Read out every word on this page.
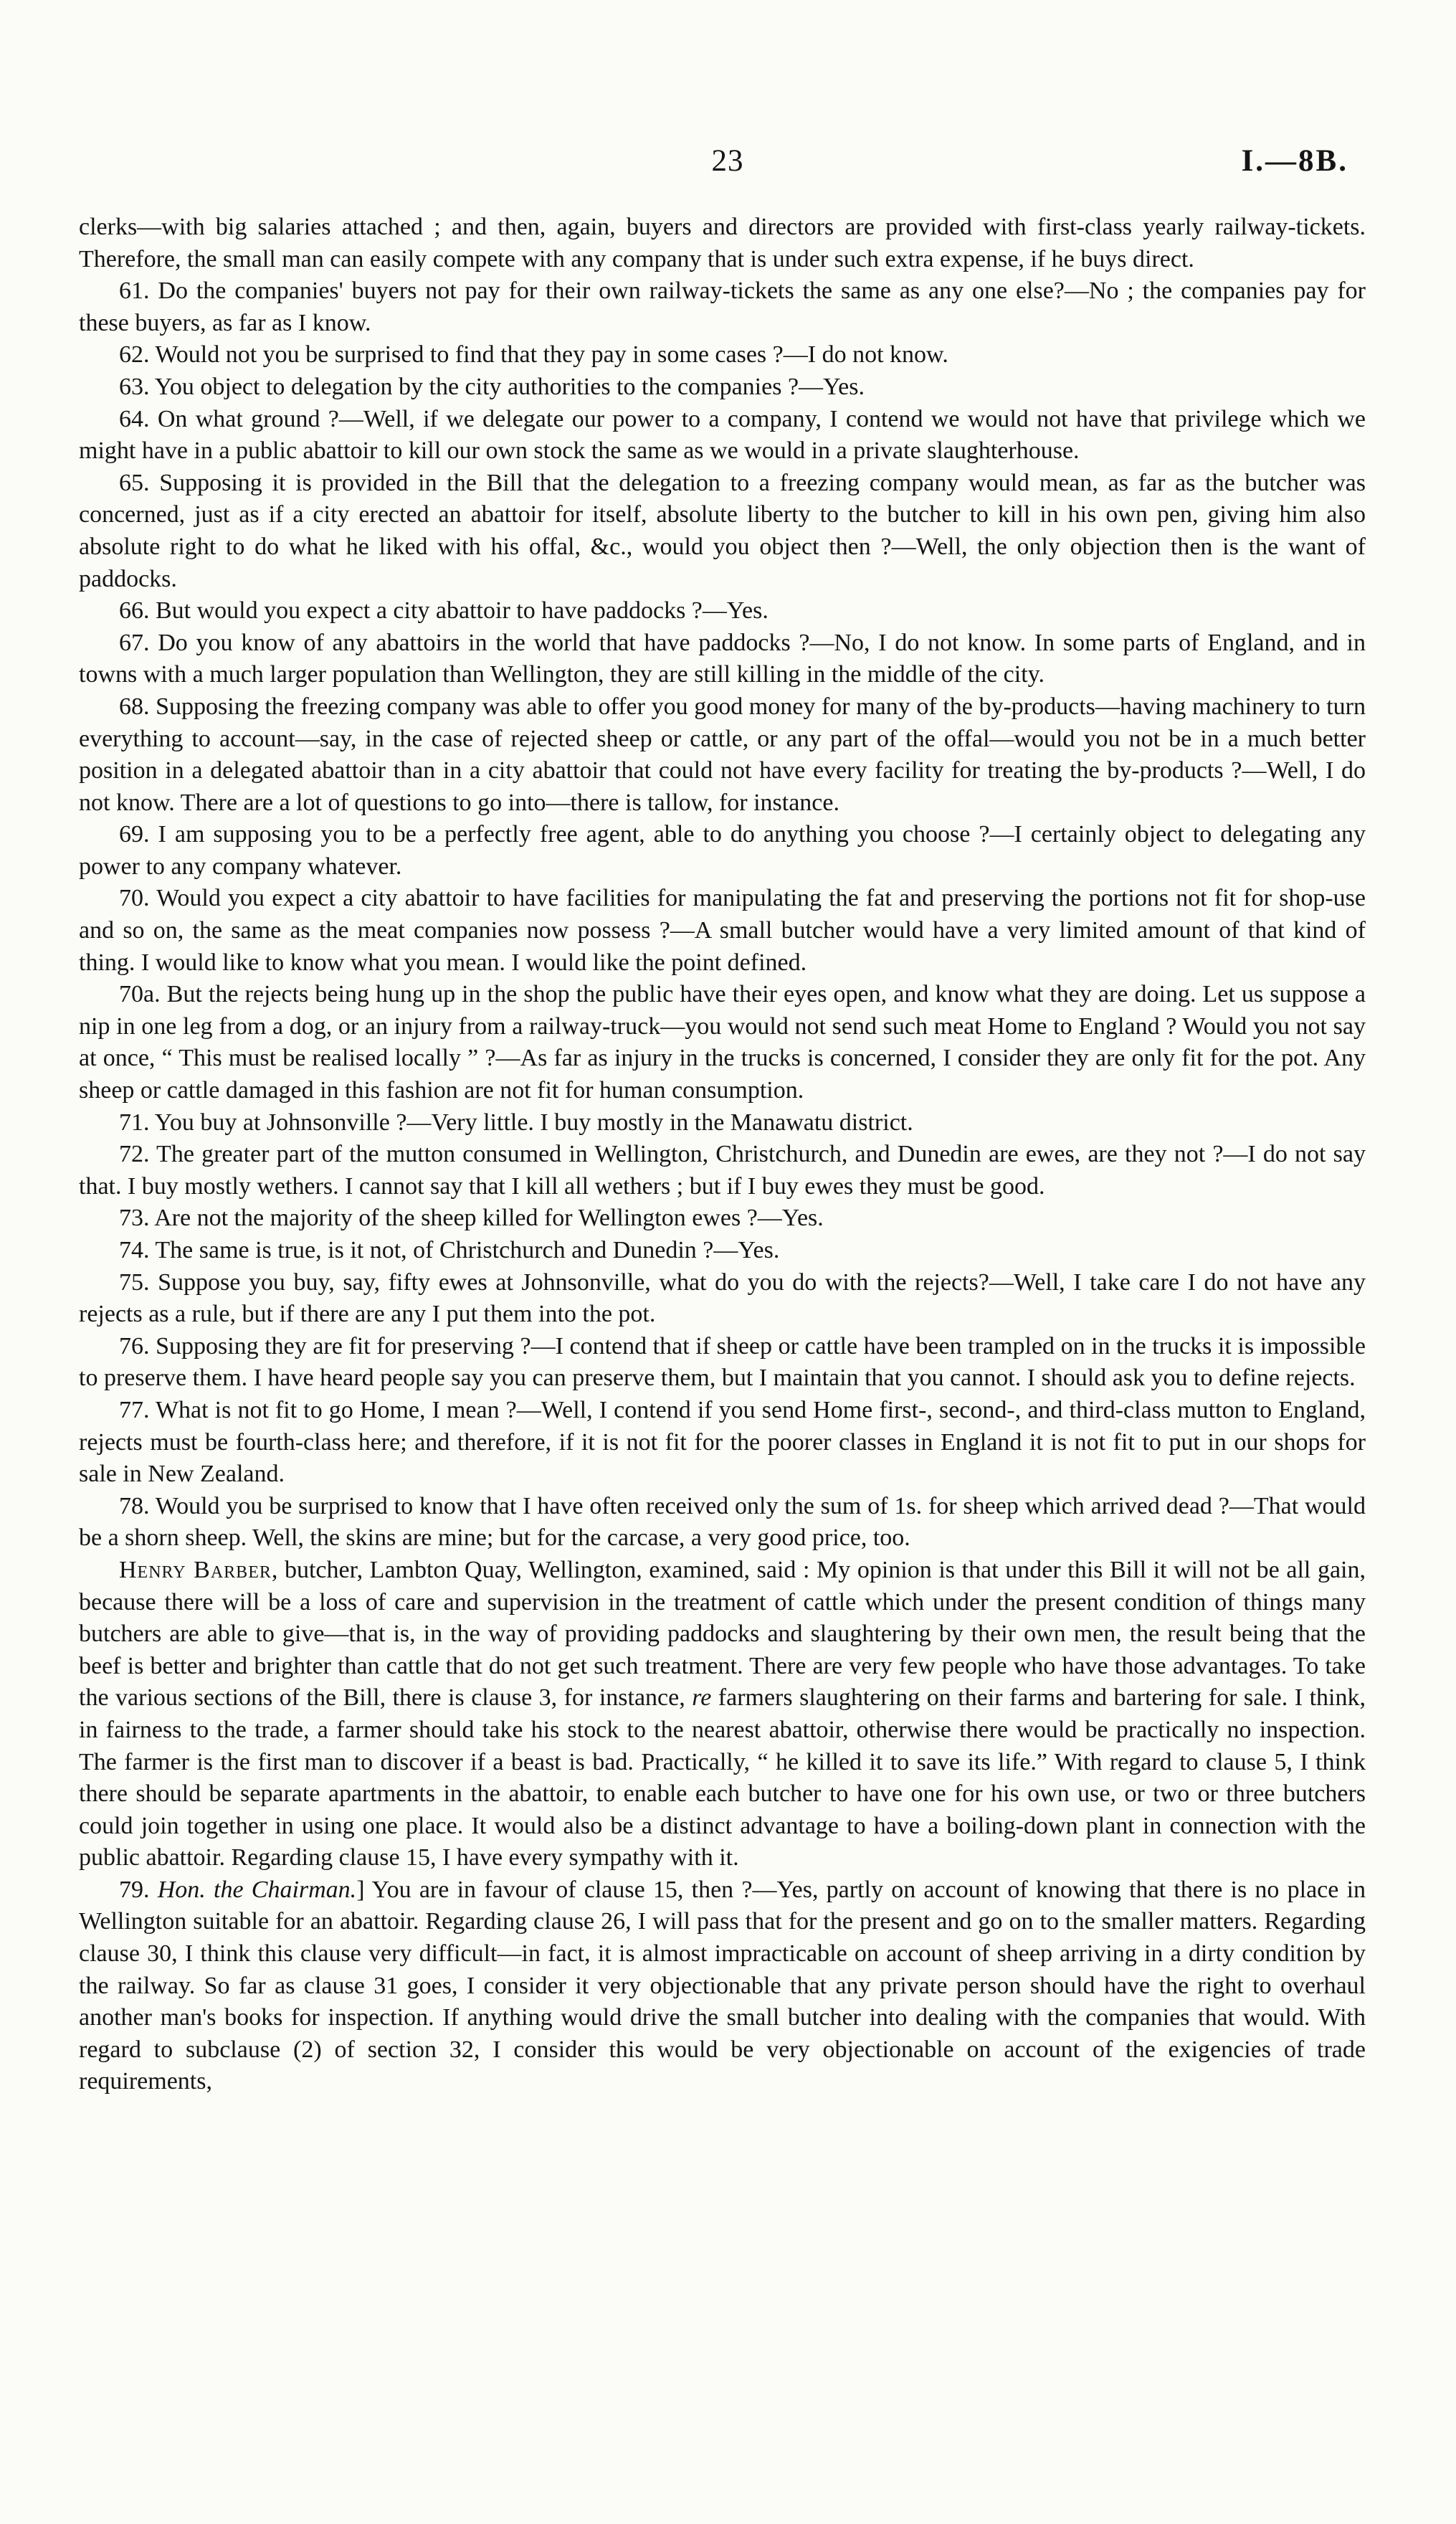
23	I.—8B.

clerks—with big salaries attached ; and then, again, buyers and directors are provided with first-class yearly railway-tickets. Therefore, the small man can easily compete with any company that is under such extra expense, if he buys direct.

61. Do the companies' buyers not pay for their own railway-tickets the same as any one else?—No ; the companies pay for these buyers, as far as I know.

62. Would not you be surprised to find that they pay in some cases ?—I do not know.

63. You object to delegation by the city authorities to the companies ?—Yes.

64. On what ground ?—Well, if we delegate our power to a company, I contend we would not have that privilege which we might have in a public abattoir to kill our own stock the same as we would in a private slaughterhouse.

65. Supposing it is provided in the Bill that the delegation to a freezing company would mean, as far as the butcher was concerned, just as if a city erected an abattoir for itself, absolute liberty to the butcher to kill in his own pen, giving him also absolute right to do what he liked with his offal, &c., would you object then ?—Well, the only objection then is the want of paddocks.

66. But would you expect a city abattoir to have paddocks ?—Yes.

67. Do you know of any abattoirs in the world that have paddocks ?—No, I do not know. In some parts of England, and in towns with a much larger population than Wellington, they are still killing in the middle of the city.

68. Supposing the freezing company was able to offer you good money for many of the by-products—having machinery to turn everything to account—say, in the case of rejected sheep or cattle, or any part of the offal—would you not be in a much better position in a delegated abattoir than in a city abattoir that could not have every facility for treating the by-products ?—Well, I do not know. There are a lot of questions to go into—there is tallow, for instance.

69. I am supposing you to be a perfectly free agent, able to do anything you choose ?—I certainly object to delegating any power to any company whatever.

70. Would you expect a city abattoir to have facilities for manipulating the fat and preserving the portions not fit for shop-use and so on, the same as the meat companies now possess ?—A small butcher would have a very limited amount of that kind of thing. I would like to know what you mean. I would like the point defined.

70a. But the rejects being hung up in the shop the public have their eyes open, and know what they are doing. Let us suppose a nip in one leg from a dog, or an injury from a railway-truck—you would not send such meat Home to England ? Would you not say at once, “ This must be realised locally ” ?—As far as injury in the trucks is concerned, I consider they are only fit for the pot. Any sheep or cattle damaged in this fashion are not fit for human consumption.

71. You buy at Johnsonville ?—Very little. I buy mostly in the Manawatu district.

72. The greater part of the mutton consumed in Wellington, Christchurch, and Dunedin are ewes, are they not ?—I do not say that. I buy mostly wethers. I cannot say that I kill all wethers ; but if I buy ewes they must be good.

73. Are not the majority of the sheep killed for Wellington ewes ?—Yes.

74. The same is true, is it not, of Christchurch and Dunedin ?—Yes.

75. Suppose you buy, say, fifty ewes at Johnsonville, what do you do with the rejects?—Well, I take care I do not have any rejects as a rule, but if there are any I put them into the pot.

76. Supposing they are fit for preserving ?—I contend that if sheep or cattle have been trampled on in the trucks it is impossible to preserve them. I have heard people say you can preserve them, but I maintain that you cannot. I should ask you to define rejects.

77. What is not fit to go Home, I mean ?—Well, I contend if you send Home first-, second-, and third-class mutton to England, rejects must be fourth-class here; and therefore, if it is not fit for the poorer classes in England it is not fit to put in our shops for sale in New Zealand.

78. Would you be surprised to know that I have often received only the sum of 1s. for sheep which arrived dead ?—That would be a shorn sheep. Well, the skins are mine; but for the carcase, a very good price, too.

Henry Barber, butcher, Lambton Quay, Wellington, examined, said : My opinion is that under this Bill it will not be all gain, because there will be a loss of care and supervision in the treatment of cattle which under the present condition of things many butchers are able to give—that is, in the way of providing paddocks and slaughtering by their own men, the result being that the beef is better and brighter than cattle that do not get such treatment. There are very few people who have those advantages. To take the various sections of the Bill, there is clause 3, for instance, re farmers slaughtering on their farms and bartering for sale. I think, in fairness to the trade, a farmer should take his stock to the nearest abattoir, otherwise there would be practically no inspection. The farmer is the first man to discover if a beast is bad. Practically, “ he killed it to save its life.” With regard to clause 5, I think there should be separate apartments in the abattoir, to enable each butcher to have one for his own use, or two or three butchers could join together in using one place. It would also be a distinct advantage to have a boiling-down plant in connection with the public abattoir. Regarding clause 15, I have every sympathy with it.

79. Hon. the Chairman.] You are in favour of clause 15, then ?—Yes, partly on account of knowing that there is no place in Wellington suitable for an abattoir. Regarding clause 26, I will pass that for the present and go on to the smaller matters. Regarding clause 30, I think this clause very difficult—in fact, it is almost impracticable on account of sheep arriving in a dirty condition by the railway. So far as clause 31 goes, I consider it very objectionable that any private person should have the right to overhaul another man's books for inspection. If anything would drive the small butcher into dealing with the companies that would. With regard to subclause (2) of section 32, I consider this would be very objectionable on account of the exigencies of trade requirements,
